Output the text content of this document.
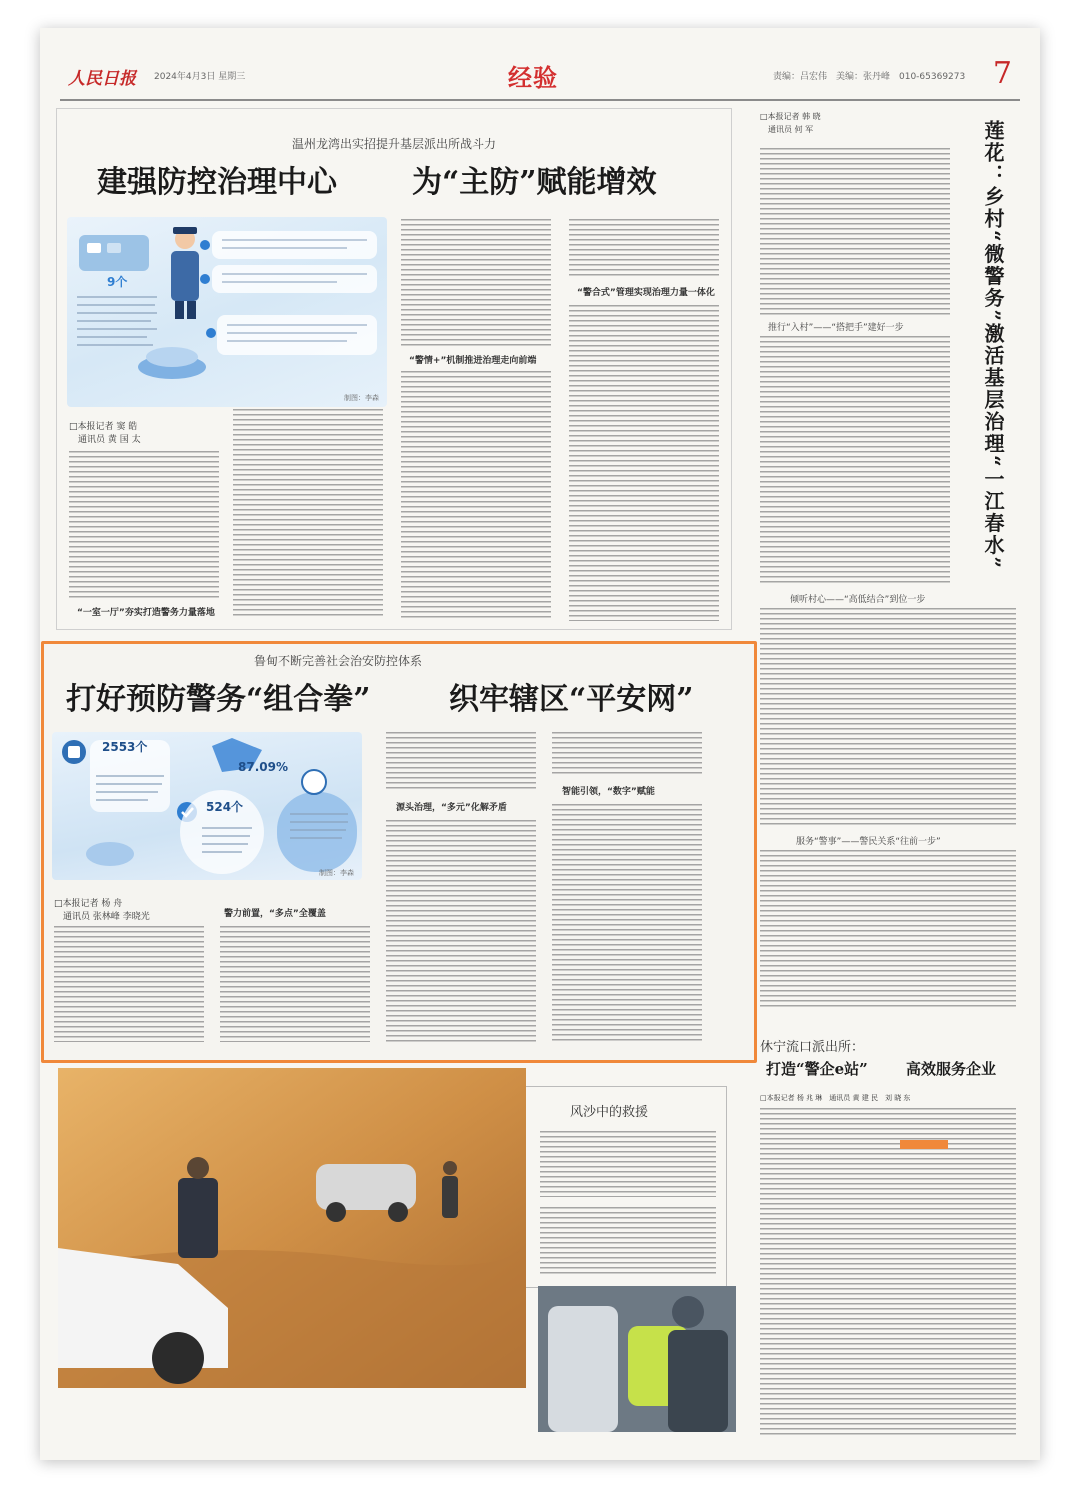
人民日报 2024年4月3日 星期三	经验	责编：吕宏伟　美编：张丹峰　010-65369273 7
温州龙湾出实招提升基层派出所战斗力
建强防控治理中心	为“主防”赋能增效
9个
制图：李森
□本报记者 窦 皓
　通讯员 黄 国 太
“一室一厅”夯实打造警务力量落地
“警情+”机制推进治理走向前端
“警合式”管理实现治理力量一体化
鲁甸不断完善社会治安防控体系
打好预防警务“组合拳”	织牢辖区“平安网”
2553个
87.09%
524个
制图：李森
□本报记者 杨 舟
　通讯员 张林峰 李晓光	警力前置，“多点”全覆盖
源头治理，“多元”化解矛盾
智能引领，“数字”赋能
风沙中的救援
□本报记者 韩 晓
　通讯员 何 军	莲花：乡村“微警务”激活基层治理“一江春水”
推行“入村”——“搭把手”建好一步
倾听村心——“高低结合”到位一步
服务“警事”——警民关系“往前一步”
休宁流口派出所：
打造“警企e站”	高效服务企业
□本报记者 杨 兆 琳　通讯员 黄 建 民　刘 晓 东
